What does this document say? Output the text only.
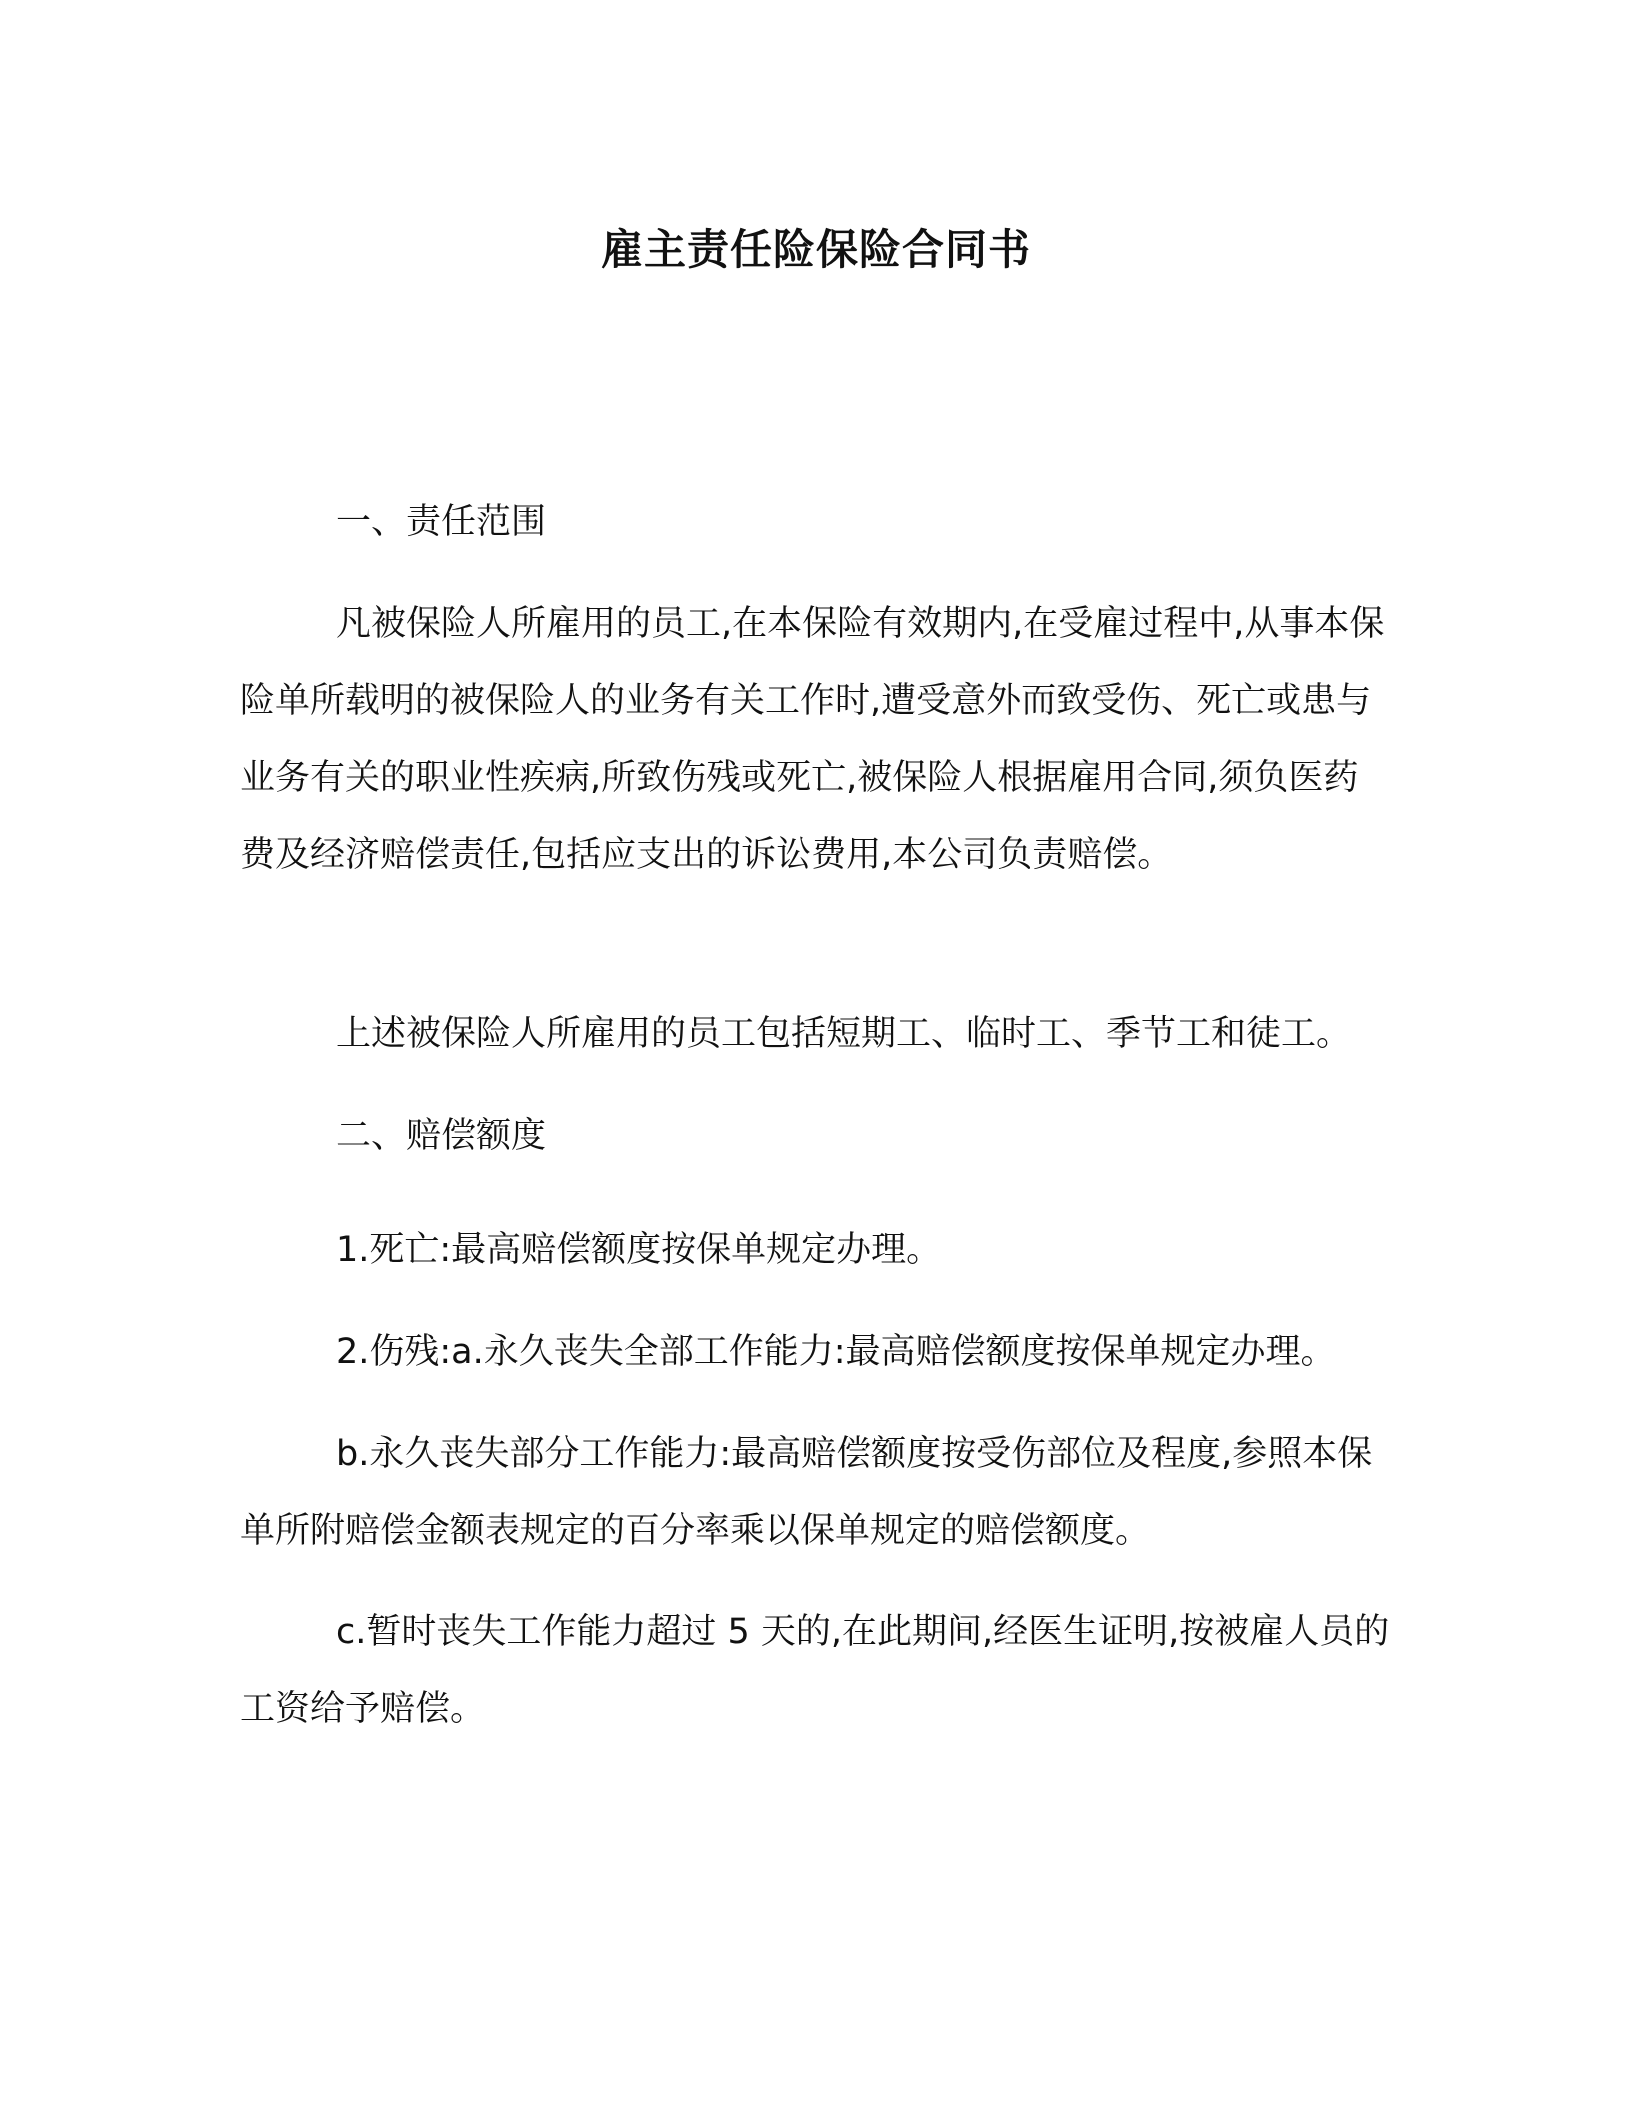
雇主责任险保险合同书

一、责任范围

凡被保险人所雇用的员工,在本保险有效期内,在受雇过程中,从事本保险单所载明的被保险人的业务有关工作时,遭受意外而致受伤、死亡或患与业务有关的职业性疾病,所致伤残或死亡,被保险人根据雇用合同,须负医药费及经济赔偿责任,包括应支出的诉讼费用,本公司负责赔偿。

上述被保险人所雇用的员工包括短期工、临时工、季节工和徒工。

二、赔偿额度

1.死亡:最高赔偿额度按保单规定办理。

2.伤残:a.永久丧失全部工作能力:最高赔偿额度按保单规定办理。

b.永久丧失部分工作能力:最高赔偿额度按受伤部位及程度,参照本保单所附赔偿金额表规定的百分率乘以保单规定的赔偿额度。

c.暂时丧失工作能力超过 5 天的,在此期间,经医生证明,按被雇人员的工资给予赔偿。
